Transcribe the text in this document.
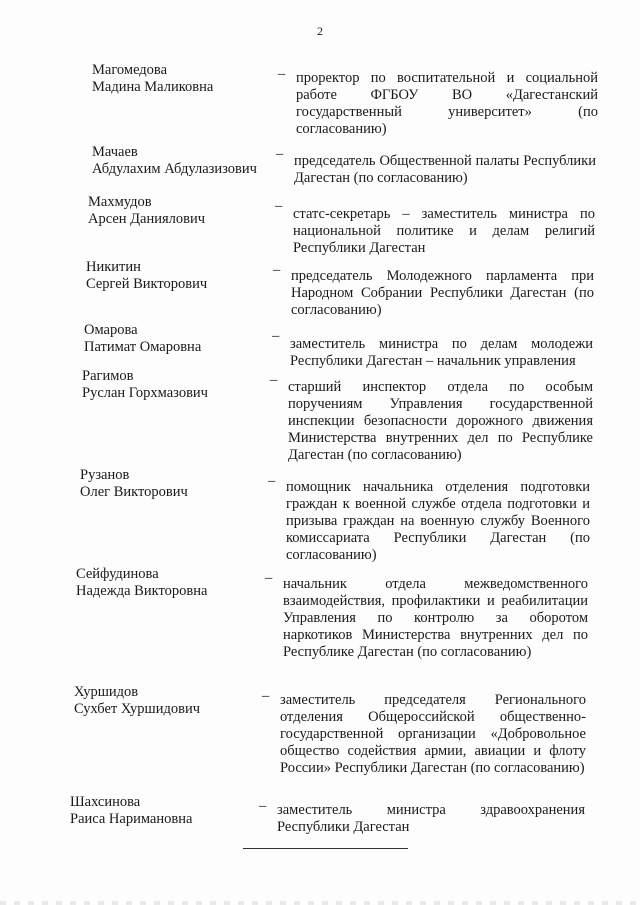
2
Магомедова
Мадина Маликовна
– проректор по воспитательной и социальной работе ФГБОУ ВО «Дагестанский государственный университет» (по согласованию)
Мачаев
Абдулахим Абдулазизович
– председатель Общественной палаты Республики Дагестан (по согласованию)
Махмудов
Арсен Даниялович
– статс-секретарь – заместитель министра по национальной политике и делам религий Республики Дагестан
Никитин
Сергей Викторович
– председатель Молодежного парламента при Народном Собрании Республики Дагестан (по согласованию)
Омарова
Патимат Омаровна
– заместитель министра по делам молодежи Республики Дагестан – начальник управления
Рагимов
Руслан Горхмазович
– старший инспектор отдела по особым поручениям Управления государственной инспекции безопасности дорожного движения Министерства внутренних дел по Республике Дагестан (по согласованию)
Рузанов
Олег Викторович
– помощник начальника отделения подготовки граждан к военной службе отдела подготовки и призыва граждан на военную службу Военного комиссариата Республики Дагестан (по согласованию)
Сейфудинова
Надежда Викторовна
– начальник отдела межведомственного взаимодействия, профилактики и реабилитации Управления по контролю за оборотом наркотиков Министерства внутренних дел по Республике Дагестан (по согласованию)
Хуршидов
Сухбет Хуршидович
– заместитель председателя Регионального отделения Общероссийской общественно-государственной организации «Добровольное общество содействия армии, авиации и флоту России» Республики Дагестан (по согласованию)
Шахсинова
Раиса Наримановна
– заместитель министра здравоохранения Республики Дагестан
